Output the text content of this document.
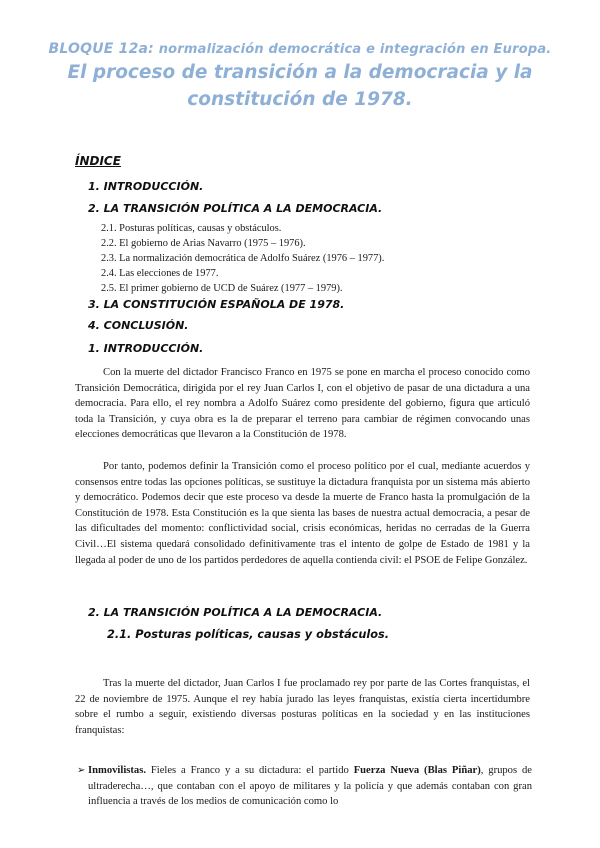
BLOQUE 12a: normalización democrática e integración en Europa.
El proceso de transición a la democracia y la
constitución de 1978.
ÍNDICE
1. INTRODUCCIÓN.
2. LA TRANSICIÓN POLÍTICA A LA DEMOCRACIA.
2.1. Posturas políticas, causas y obstáculos.
2.2. El gobierno de Arias Navarro (1975 – 1976).
2.3. La normalización democrática de Adolfo Suárez (1976 – 1977).
2.4. Las elecciones de 1977.
2.5. El primer gobierno de UCD de Suárez (1977 – 1979).
3. LA CONSTITUCIÓN ESPAÑOLA DE 1978.
4. CONCLUSIÓN.
1. INTRODUCCIÓN.
Con la muerte del dictador Francisco Franco en 1975 se pone en marcha el proceso conocido como Transición Democrática, dirigida por el rey Juan Carlos I, con el objetivo de pasar de una dictadura a una democracia. Para ello, el rey nombra a Adolfo Suárez como presidente del gobierno, figura que articuló toda la Transición, y cuya obra es la de preparar el terreno para cambiar de régimen convocando unas elecciones democráticas que llevaron a la Constitución de 1978.
Por tanto, podemos definir la Transición como el proceso político por el cual, mediante acuerdos y consensos entre todas las opciones políticas, se sustituye la dictadura franquista por un sistema más abierto y democrático. Podemos decir que este proceso va desde la muerte de Franco hasta la promulgación de la Constitución de 1978. Esta Constitución es la que sienta las bases de nuestra actual democracia, a pesar de las dificultades del momento: conflictividad social, crisis económicas, heridas no cerradas de la Guerra Civil…El sistema quedará consolidado definitivamente tras el intento de golpe de Estado de 1981 y la llegada al poder de uno de los partidos perdedores de aquella contienda civil: el PSOE de Felipe González.
2. LA TRANSICIÓN POLÍTICA A LA DEMOCRACIA.
2.1. Posturas políticas, causas y obstáculos.
Tras la muerte del dictador, Juan Carlos I fue proclamado rey por parte de las Cortes franquistas, el 22 de noviembre de 1975. Aunque el rey había jurado las leyes franquistas, existía cierta incertidumbre sobre el rumbo a seguir, existiendo diversas posturas políticas en la sociedad y en las instituciones franquistas:
➢ Inmovilistas. Fieles a Franco y a su dictadura: el partido Fuerza Nueva (Blas Piñar), grupos de ultraderecha…, que contaban con el apoyo de militares y la policía y que además contaban con gran influencia a través de los medios de comunicación como lo
